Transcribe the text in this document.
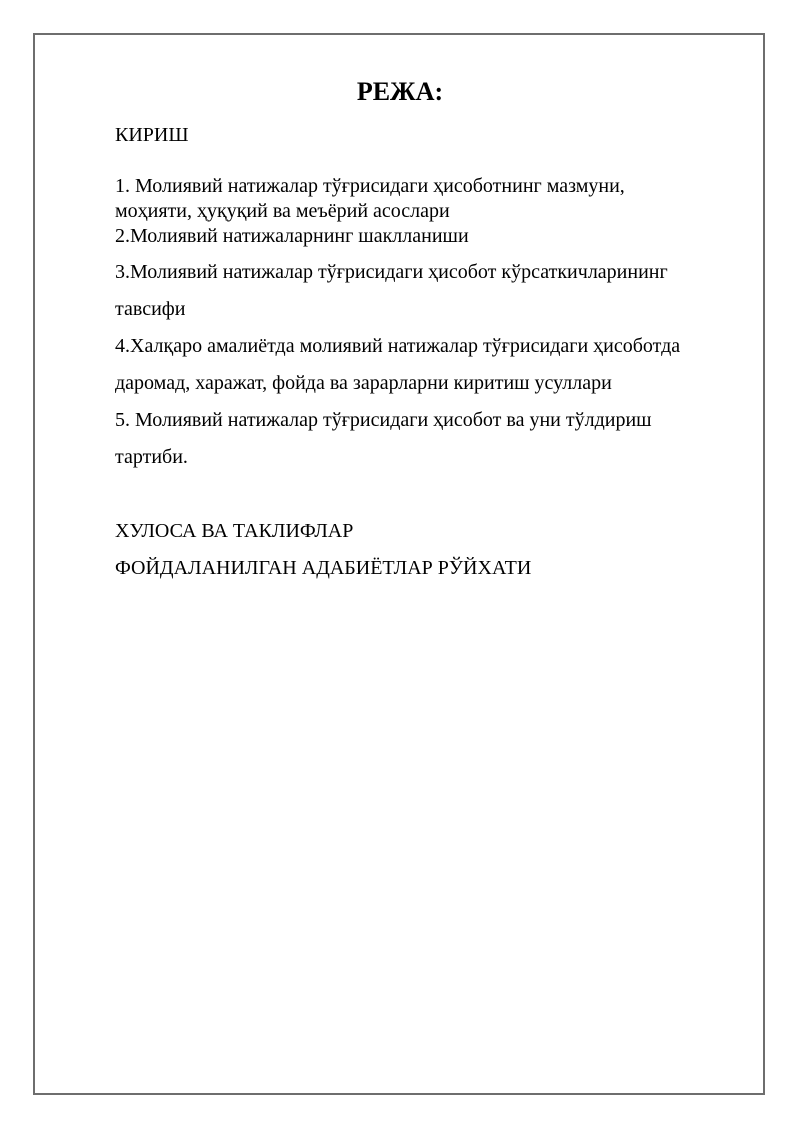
РЕЖА:
КИРИШ
1. Молиявий натижалар тўғрисидаги ҳисоботнинг мазмуни,
моҳияти, ҳуқуқий ва меъёрий асослари
2.Молиявий натижаларнинг шаклланиши
3.Молиявий натижалар тўғрисидаги ҳисобот кўрсаткичларининг
тавсифи
4.Халқаро амалиётда молиявий натижалар тўғрисидаги ҳисоботда
даромад, харажат, фойда ва зарарларни киритиш усуллари
5. Молиявий натижалар тўғрисидаги ҳисобот ва уни тўлдириш
тартиби.
ХУЛОСА ВА ТАКЛИФЛАР
ФОЙДАЛАНИЛГАН АДАБИЁТЛАР РЎЙХАТИ
